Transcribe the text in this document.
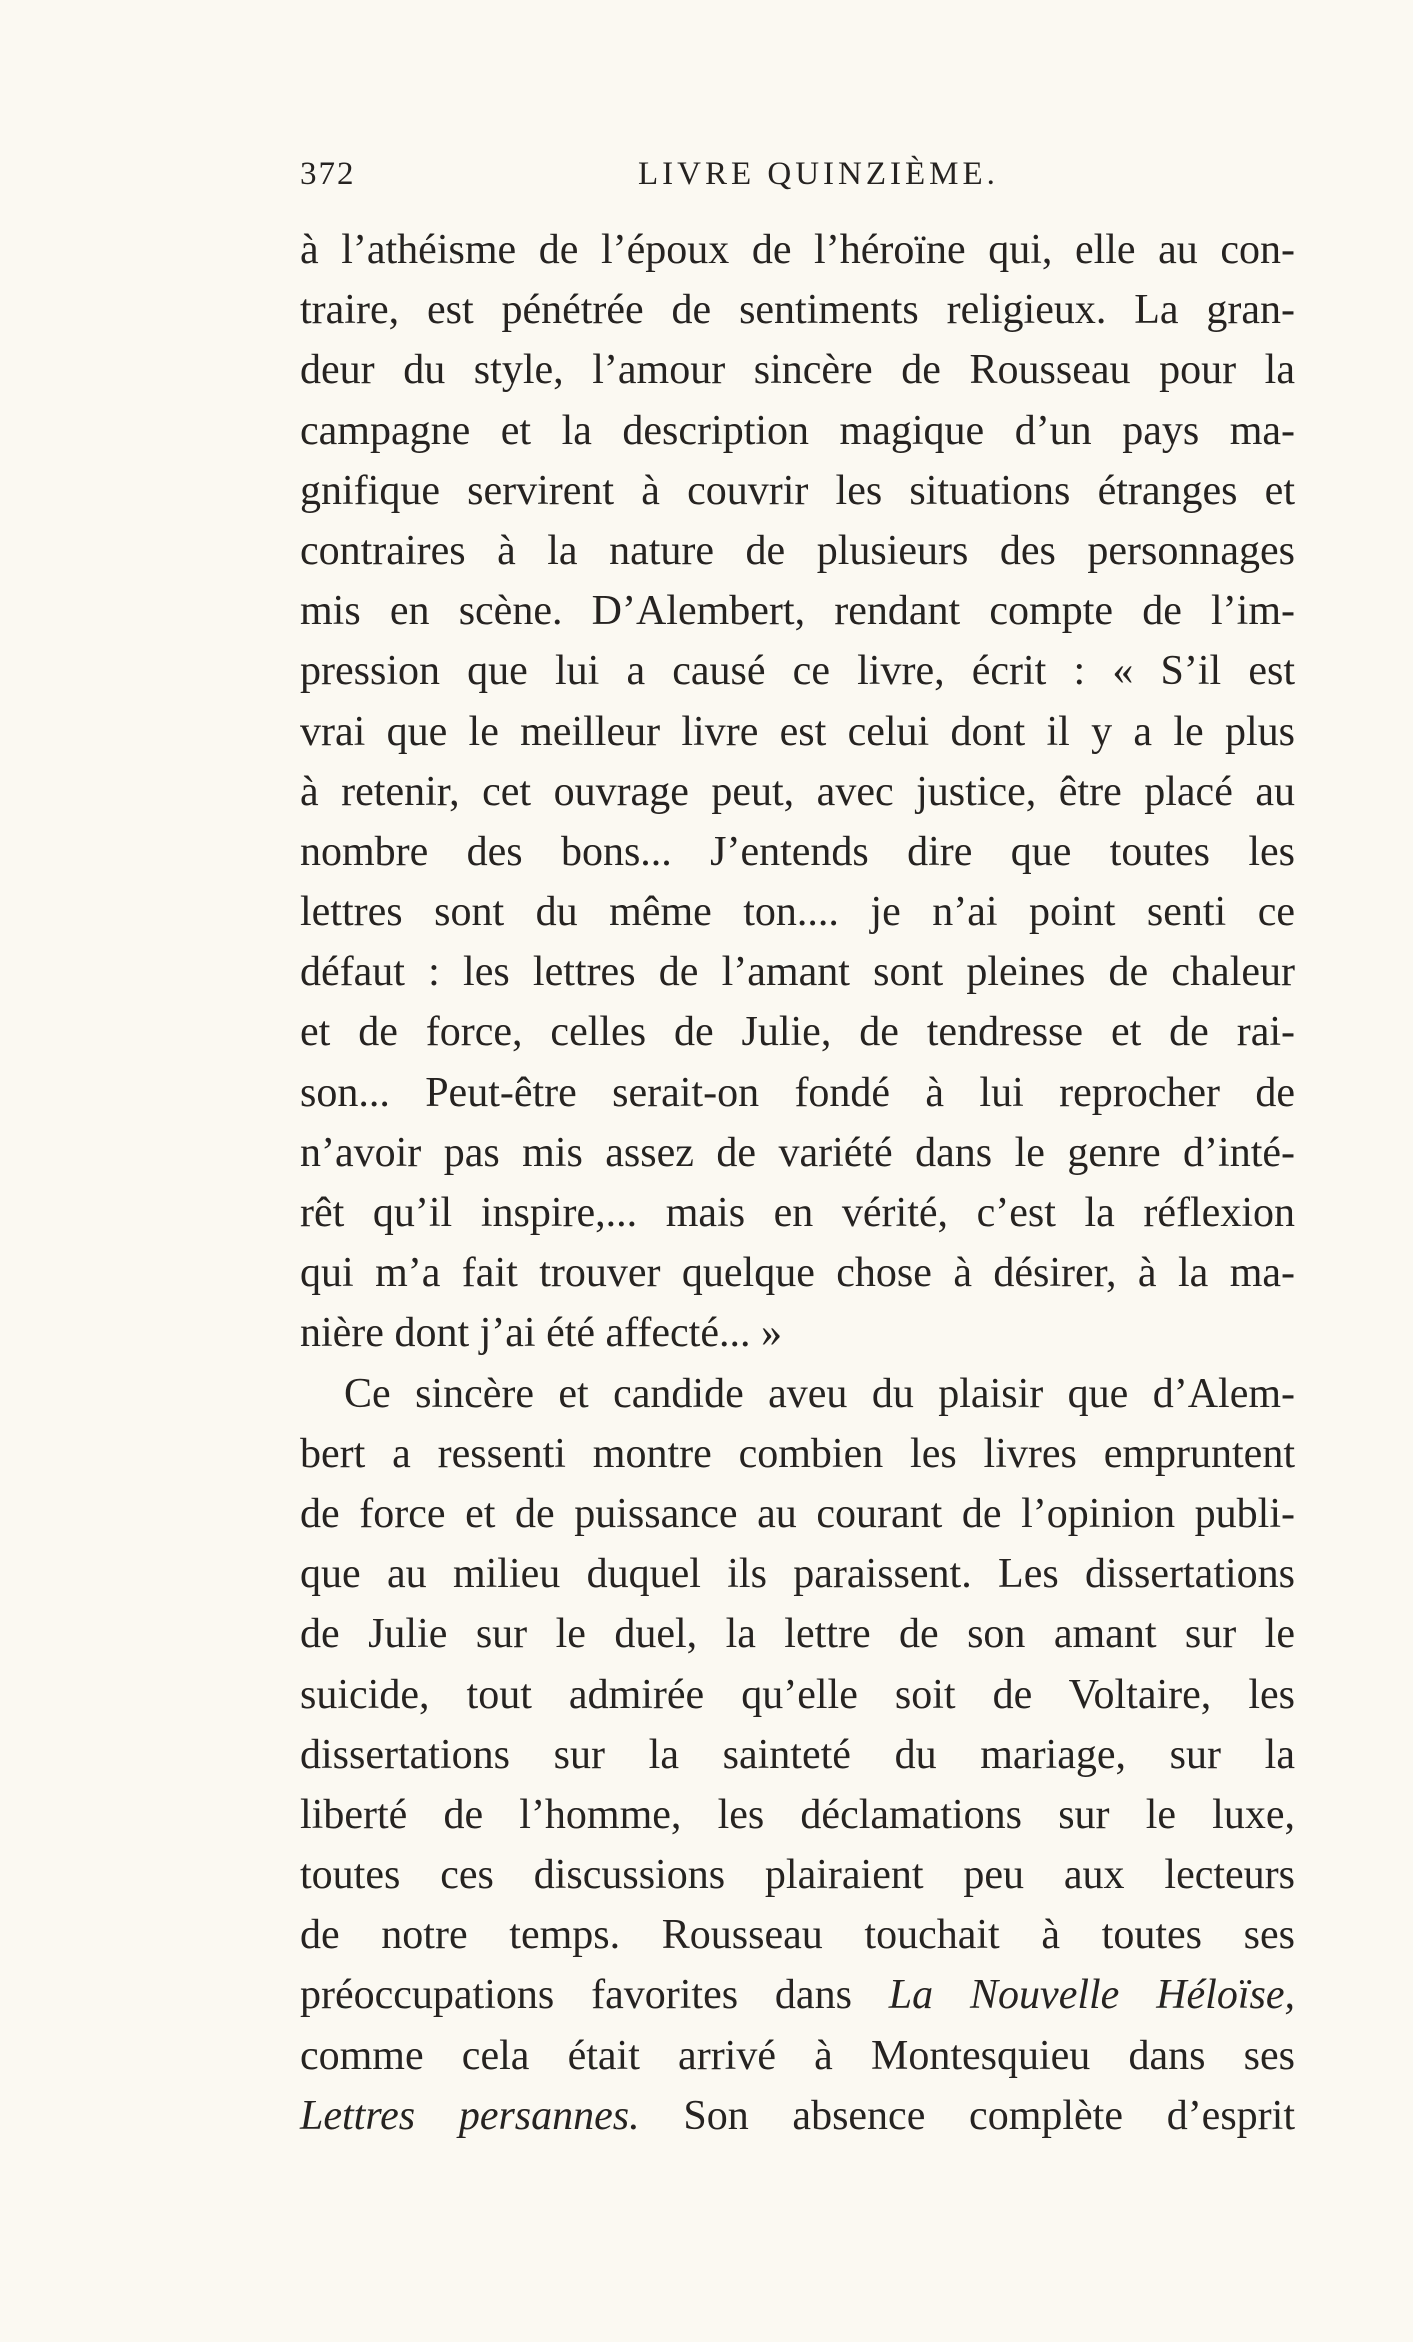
372	LIVRE QUINZIÈME.
à l’athéisme de l’époux de l’héroïne qui, elle au con-
traire, est pénétrée de sentiments religieux. La gran-
deur du style, l’amour sincère de Rousseau pour la
campagne et la description magique d’un pays ma-
gnifique servirent à couvrir les situations étranges et
contraires à la nature de plusieurs des personnages
mis en scène. D’Alembert, rendant compte de l’im-
pression que lui a causé ce livre, écrit : « S’il est
vrai que le meilleur livre est celui dont il y a le plus
à retenir, cet ouvrage peut, avec justice, être placé au
nombre des bons... J’entends dire que toutes les
lettres sont du même ton.... je n’ai point senti ce
défaut : les lettres de l’amant sont pleines de chaleur
et de force, celles de Julie, de tendresse et de rai-
son... Peut-être serait-on fondé à lui reprocher de
n’avoir pas mis assez de variété dans le genre d’inté-
rêt qu’il inspire,... mais en vérité, c’est la réflexion
qui m’a fait trouver quelque chose à désirer, à la ma-
nière dont j’ai été affecté... »
Ce sincère et candide aveu du plaisir que d’Alem-
bert a ressenti montre combien les livres empruntent
de force et de puissance au courant de l’opinion publi-
que au milieu duquel ils paraissent. Les dissertations
de Julie sur le duel, la lettre de son amant sur le
suicide, tout admirée qu’elle soit de Voltaire, les
dissertations sur la sainteté du mariage, sur la
liberté de l’homme, les déclamations sur le luxe,
toutes ces discussions plairaient peu aux lecteurs
de notre temps. Rousseau touchait à toutes ses
préoccupations favorites dans La Nouvelle Héloïse,
comme cela était arrivé à Montesquieu dans ses
Lettres persannes. Son absence complète d’esprit
